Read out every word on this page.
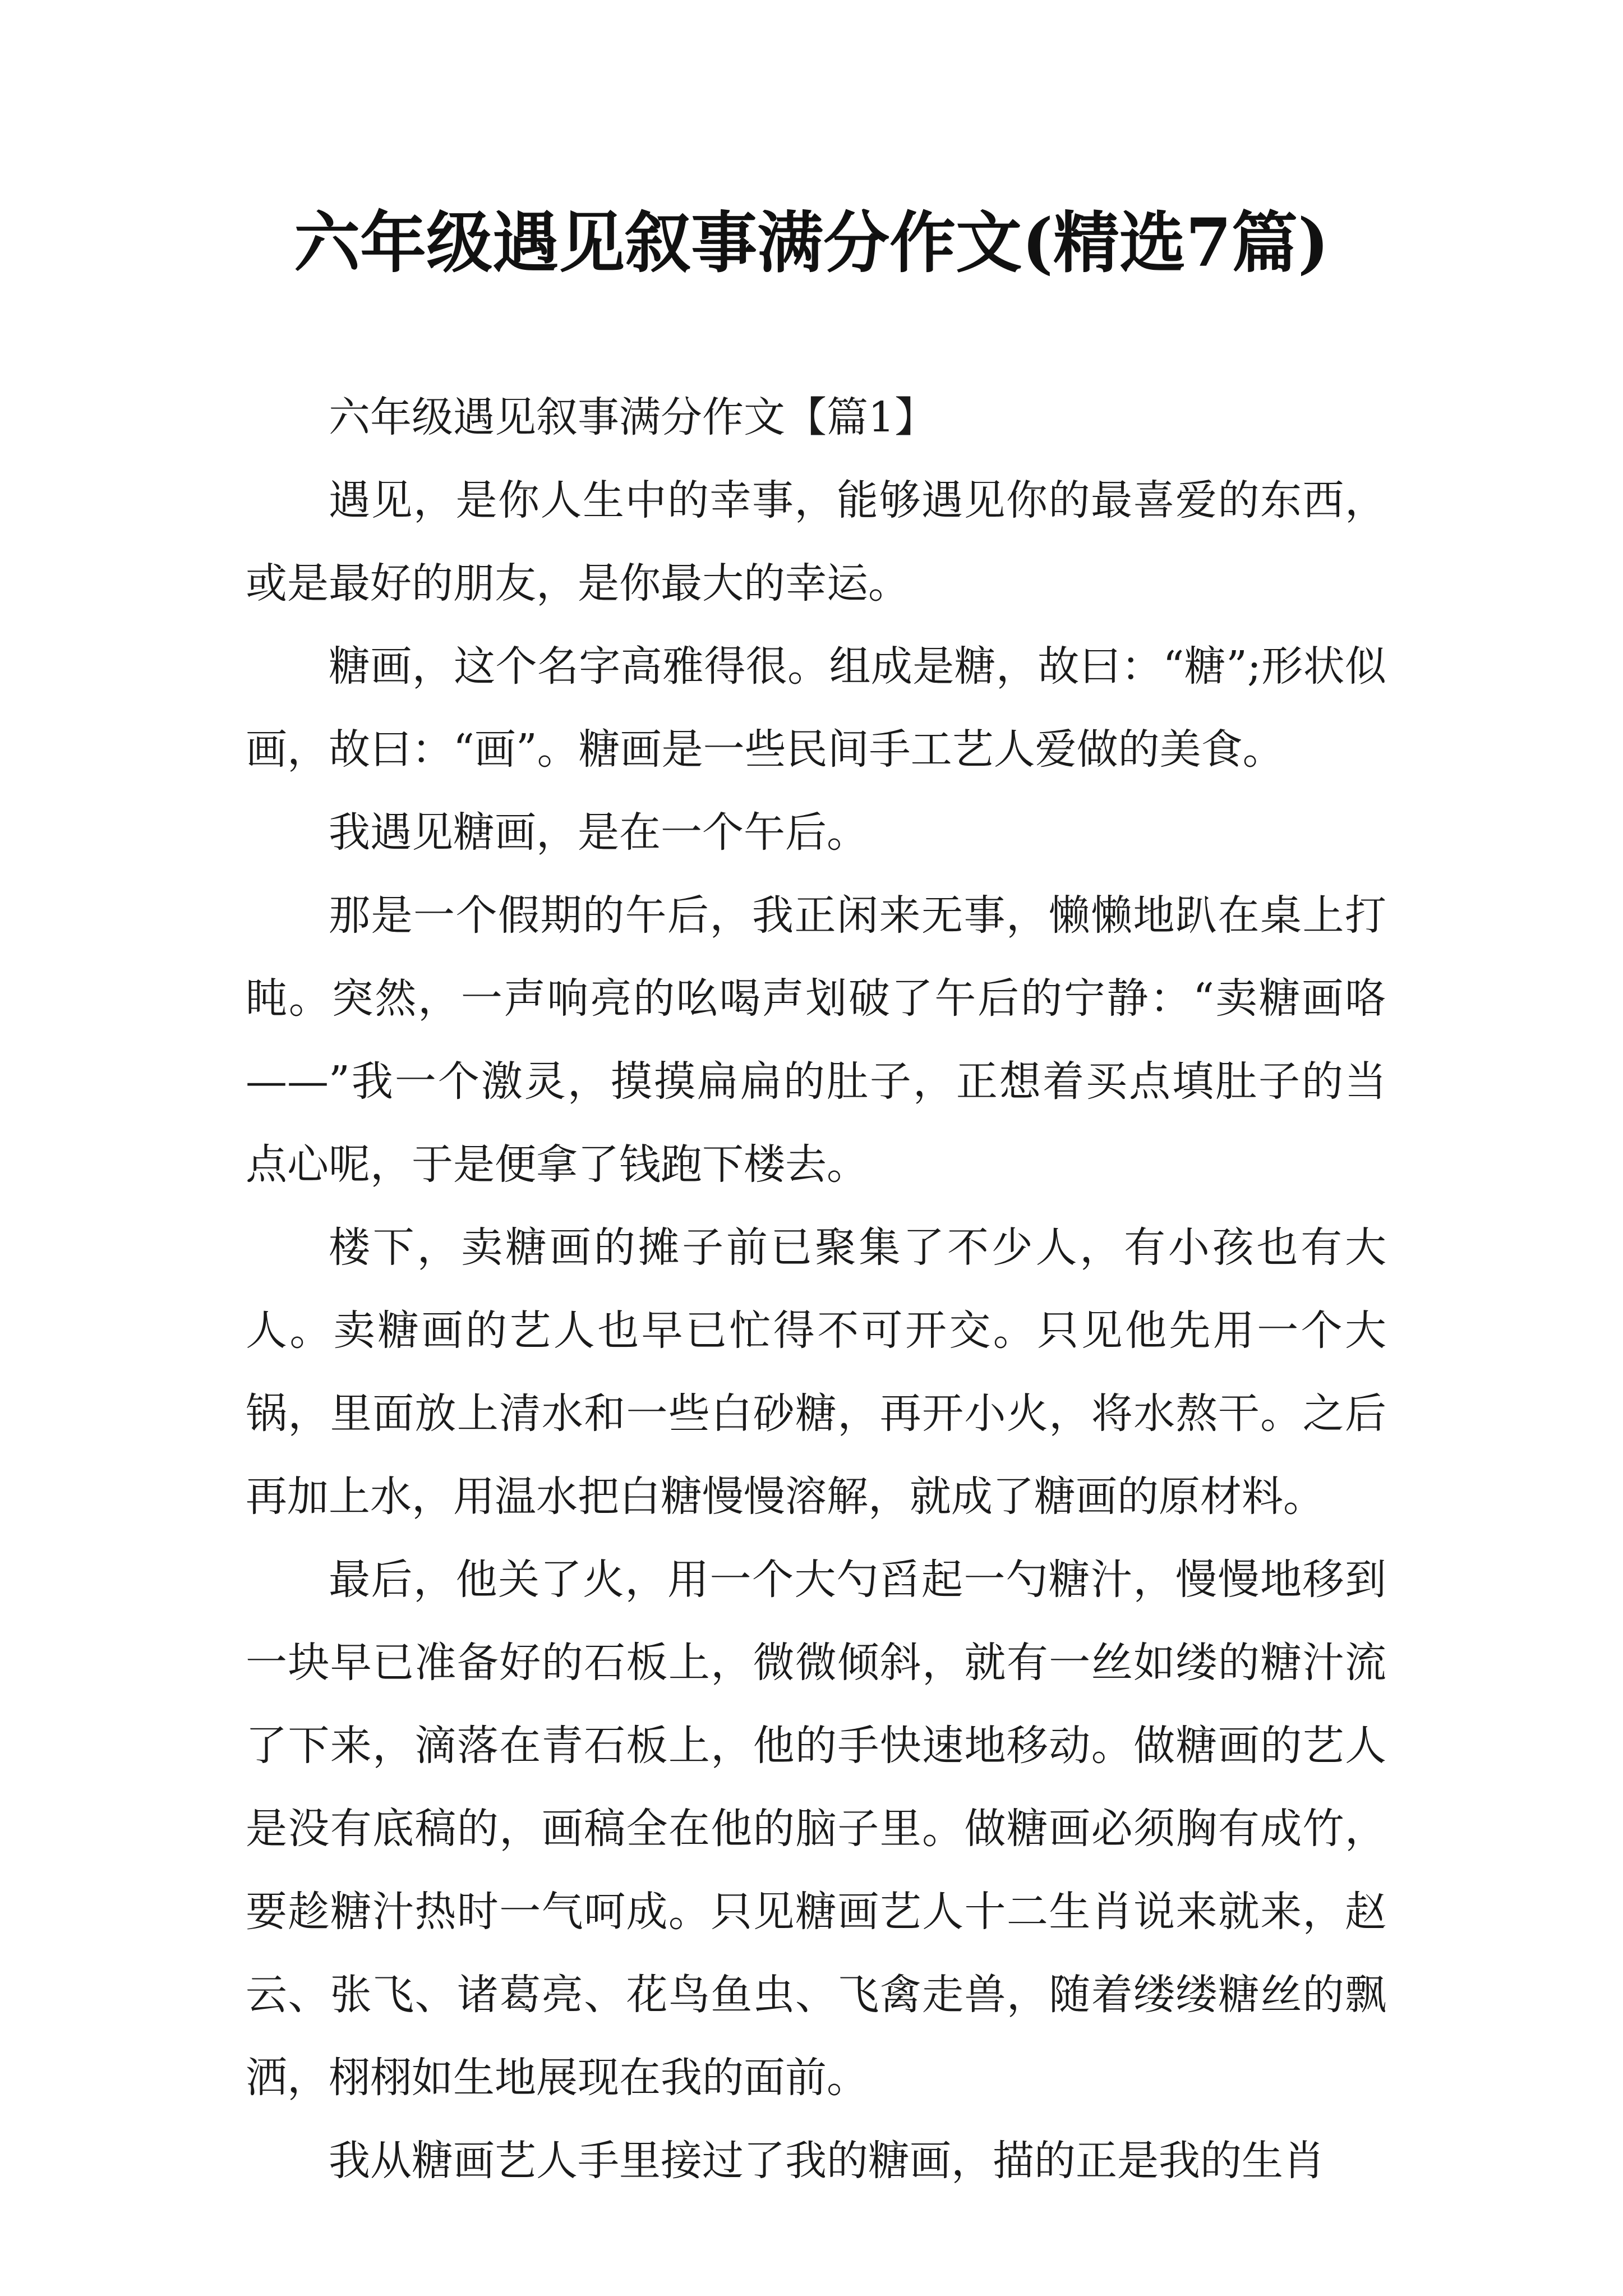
六年级遇见叙事满分作文(精选7篇)

六年级遇见叙事满分作文【篇1】

遇见，是你人生中的幸事，能够遇见你的最喜爱的东西，或是最好的朋友，是你最大的幸运。

糖画，这个名字高雅得很。组成是糖，故曰：“糖”;形状似画，故曰：“画”。糖画是一些民间手工艺人爱做的美食。

我遇见糖画，是在一个午后。

那是一个假期的午后，我正闲来无事，懒懒地趴在桌上打盹。突然，一声响亮的吆喝声划破了午后的宁静：“卖糖画咯——”我一个激灵，摸摸扁扁的肚子，正想着买点填肚子的当点心呢，于是便拿了钱跑下楼去。

楼下，卖糖画的摊子前已聚集了不少人，有小孩也有大人。卖糖画的艺人也早已忙得不可开交。只见他先用一个大锅，里面放上清水和一些白砂糖，再开小火，将水熬干。之后再加上水，用温水把白糖慢慢溶解，就成了糖画的原材料。

最后，他关了火，用一个大勺舀起一勺糖汁，慢慢地移到一块早已准备好的石板上，微微倾斜，就有一丝如缕的糖汁流了下来，滴落在青石板上，他的手快速地移动。做糖画的艺人是没有底稿的，画稿全在他的脑子里。做糖画必须胸有成竹，要趁糖汁热时一气呵成。只见糖画艺人十二生肖说来就来，赵云、张飞、诸葛亮、花鸟鱼虫、飞禽走兽，随着缕缕糖丝的飘洒，栩栩如生地展现在我的面前。

我从糖画艺人手里接过了我的糖画，描的正是我的生肖
